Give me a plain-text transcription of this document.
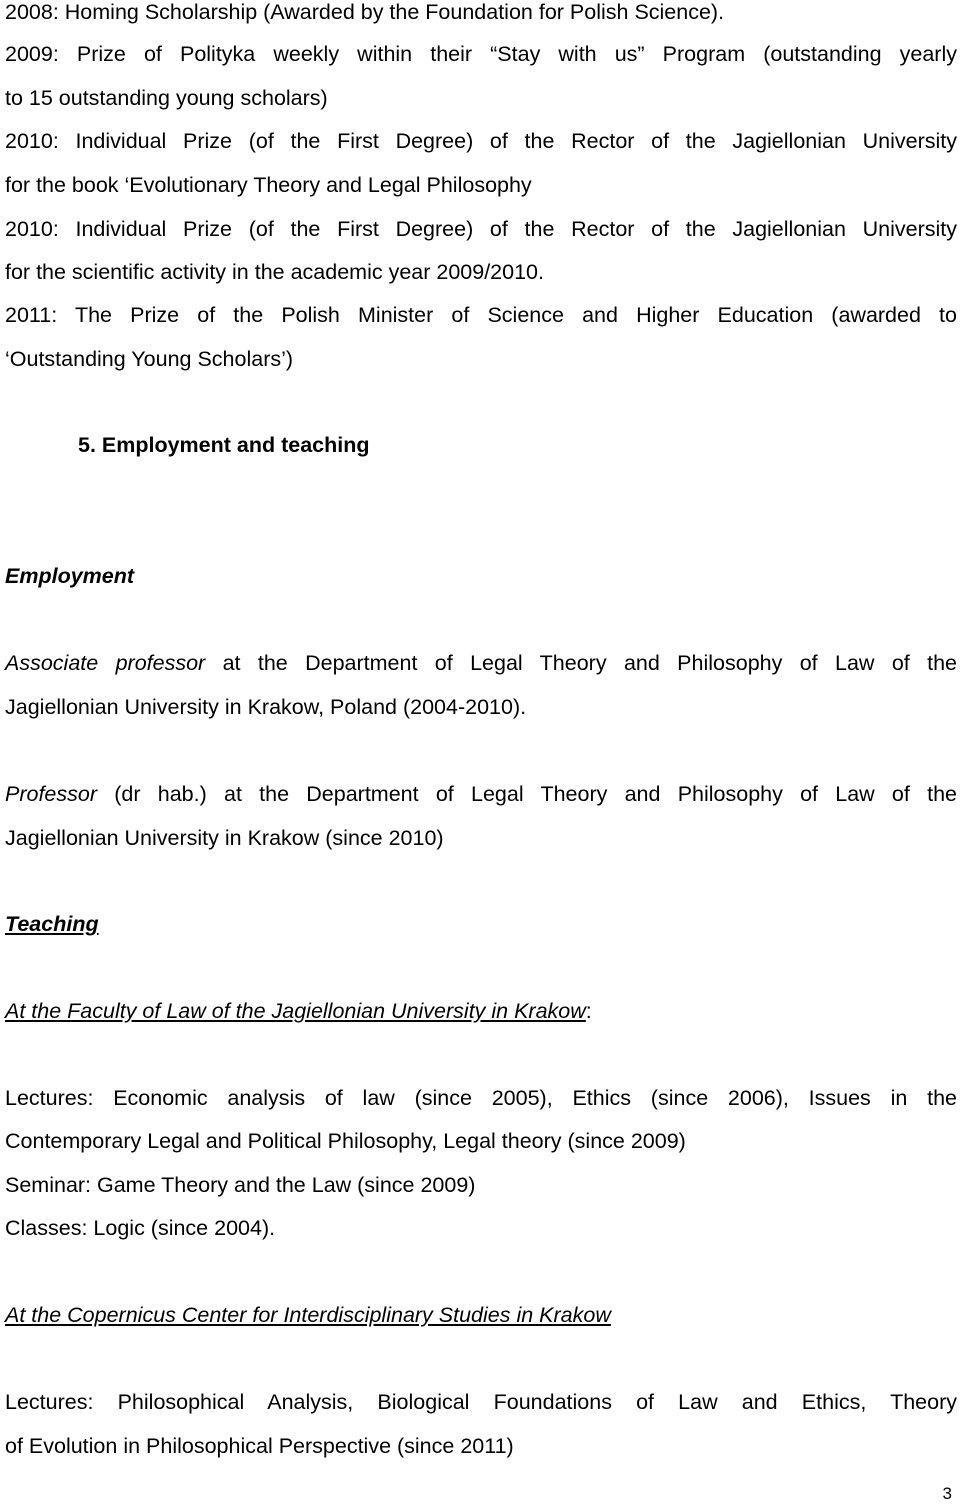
2008: Homing Scholarship (Awarded by the Foundation for Polish Science).
2009: Prize of Polityka weekly within their “Stay with us” Program (outstanding yearly
to 15 outstanding young scholars)
2010: Individual Prize (of the First Degree) of the Rector of the Jagiellonian University
for the book ‘Evolutionary Theory and Legal Philosophy
2010: Individual Prize (of the First Degree) of the Rector of the Jagiellonian University
for the scientific activity in the academic year 2009/2010.
2011: The Prize of the Polish Minister of Science and Higher Education (awarded to
‘Outstanding Young Scholars’)
5. Employment and teaching
Employment
Associate professor at the Department of Legal Theory and Philosophy of Law of the
Jagiellonian University in Krakow, Poland (2004-2010).
Professor (dr hab.) at the Department of Legal Theory and Philosophy of Law of the
Jagiellonian University in Krakow (since 2010)
Teaching
At the Faculty of Law of the Jagiellonian University in Krakow:
Lectures: Economic analysis of law (since 2005), Ethics (since 2006), Issues in the
Contemporary Legal and Political Philosophy, Legal theory (since 2009)
Seminar: Game Theory and the Law (since 2009)
Classes: Logic (since 2004).
At the Copernicus Center for Interdisciplinary Studies in Krakow
Lectures: Philosophical Analysis, Biological Foundations of Law and Ethics, Theory
of Evolution in Philosophical Perspective (since 2011)
3
